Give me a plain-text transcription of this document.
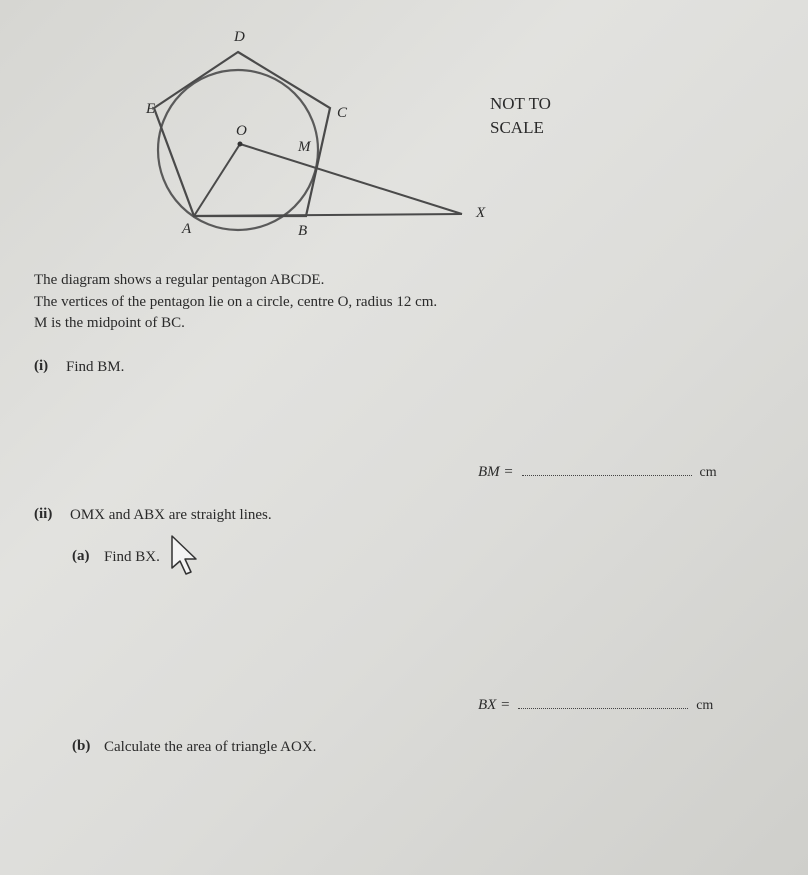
D
E	C
O
M
A	B
X
NOT TO
SCALE
The diagram shows a regular pentagon ABCDE.
The vertices of the pentagon lie on a circle, centre O, radius 12 cm.
M is the midpoint of BC.
(i) Find BM.
BM =	cm
(ii) OMX and ABX are straight lines.
(a) Find BX.
BX =	cm
(b) Calculate the area of triangle AOX.
